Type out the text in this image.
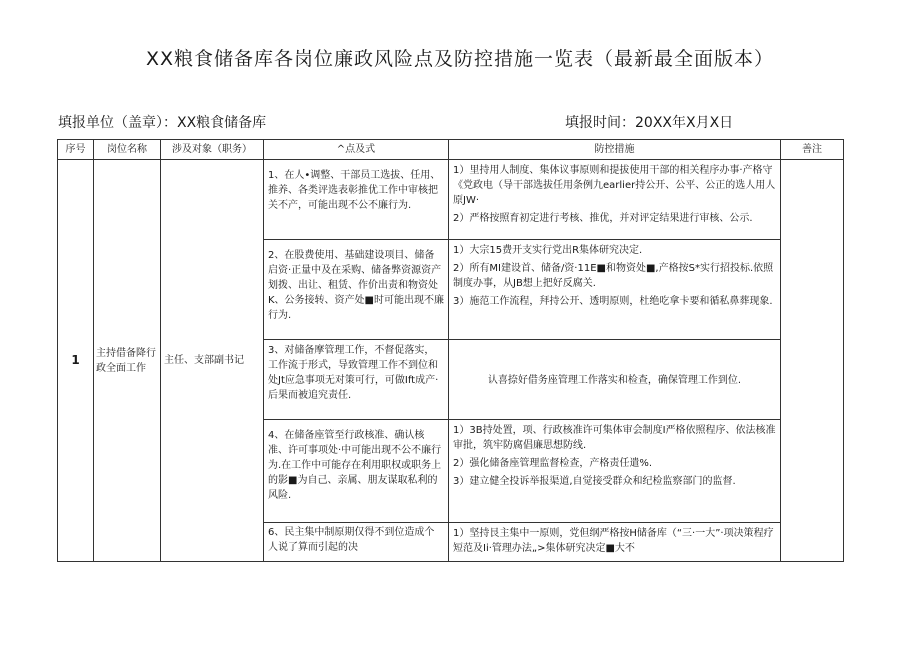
XX粮食储备库各岗位廉政风险点及防控措施一览表（最新最全面版本）
填报单位（盖章）：XX粮食储备库	填报时间：20XX年X月X日
序号	岗位名称	涉及对象（职务）	^点及式	防控措施	善注
1	主持借备降行政全面工作	主任、支部副书记	1、在人•调整、干部员工选拔、任用、推养、各类评选表彰推优工作中审核把关不产，可能出现不公不廉行为.	1）里持用人制度、集体议事原则和提拔使用干部的相关程序办事·产格守《党政电（导干部选拔任用条例九earlier持公开、公平、公正的选人用人原JW·

2）严格按照育初定进行考核、推优，并对评定结果进行审核、公示.	

			2、在股费使用、基础建设项目、储备启资·正量中及在采购、储备弊资源资产划拨、出让、租赁、作价出责和物资处K、公务接转、资产处■时可能出现不廉行为.	1）大宗15费开支实行党出R集体研究决定.

2）所有MI建设首、储备/资·11E■和物资处■,产格按S*实行招投标.依照制度办事，从JB想上把好反腐关.

3）施范工作流程，拜持公开、透明原则，杜绝吃拿卡要和循私鼻葬现象.	

			3、对储备摩管理工作，不督促落实，工作流于形式，导致管理工作不到位和处Jt应急事项无对策可行，可做Ift成产·后果而被追究责任.	认喜捺好借务座管理工作落实和检查，确保管理工作到位.	

			4、在储备座管至行政核准、确认核准、许可事项处·中可能出现不公不廉行为.在工作中可能存在利用职权或职务上的影■为自己、亲属、朋友谋取私利的风险.	1）3B持处置，项、行政核准许可集体审会制度I严格依照程序、依法核准审批，筑牢防腐倡廉思想防线.

2）强化储备座管理监督检查，产格责任遣%.

3）建立健全投诉举报渠道,自觉接受群众和纪检监察部门的监督.	

			6、民主集中制原期仅得不到位造成个人说了算而引起的决	1）坚持艮主集中一原则，党但纲严格按H储备库（“三·一大”·项决策程疗短范及Ii·管理办法„>集体研究决定■大不	
